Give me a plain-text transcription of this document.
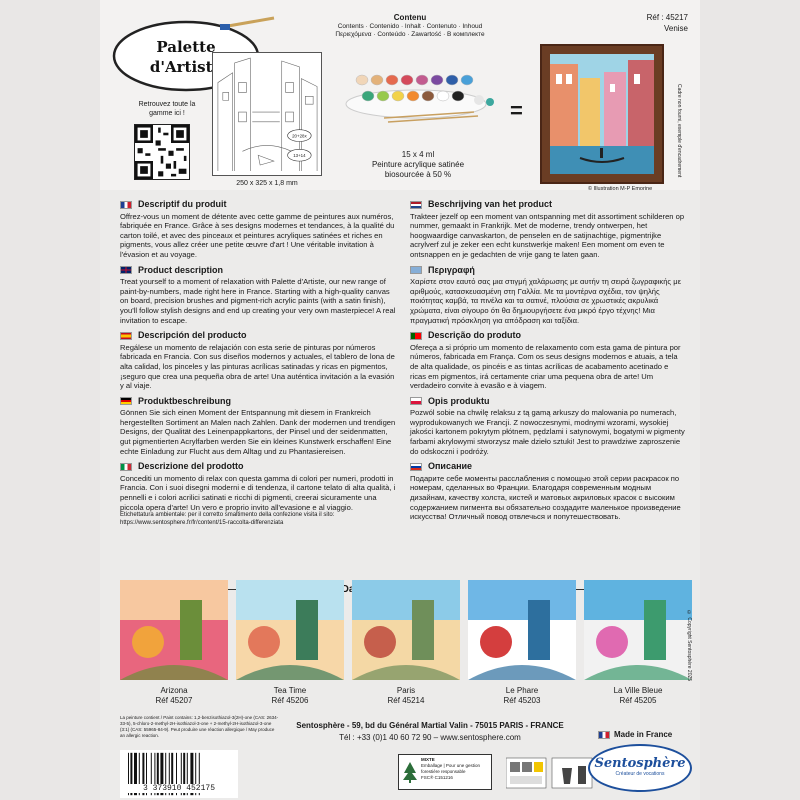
Palette
d'Artiste
Retrouvez toute la gamme ici !
20+28x
13+14
250 x 325 x 1,8 mm
Contenu
Contents · Contenido · Inhalt · Contenuto · Inhoud
Περιεχόμενα · Conteúdo · Zawartość · В комплекте
Réf : 45217
Venise
15 x 4 ml
Peinture acrylique satinée
biosourcée à 50 %
=
© Illustration M-P Emorine
Cadre non fourni, exemple d'encadrement
Descriptif du produit
Offrez-vous un moment de détente avec cette gamme de peintures aux numéros, fabriquée en France. Grâce à ses designs modernes et tendances, à la qualité du carton toilé, et avec des pinceaux et peintures acryliques satinées et riches en pigments, vous allez créer une petite œuvre d'art ! Une véritable invitation à l'évasion et au voyage.
Product description
Treat yourself to a moment of relaxation with Palette d'Artiste, our new range of paint-by-numbers, made right here in France. Starting with a high-quality canvas on board, precision brushes and pigment-rich acrylic paints (with a satin finish), you'll follow stylish designs and end up creating your very own masterpiece! A real invitation to escape.
Descripción del producto
Regálese un momento de relajación con esta serie de pinturas por números fabricada en Francia. Con sus diseños modernos y actuales, el tablero de lona de alta calidad, los pinceles y las pinturas acrílicas satinadas y ricas en pigmentos, ¡seguro que crea una pequeña obra de arte! Una auténtica invitación a la evasión y al viaje.
Produktbeschreibung
Gönnen Sie sich einen Moment der Entspannung mit diesem in Frankreich hergestellten Sortiment an Malen nach Zahlen. Dank der modernen und trendigen Designs, der Qualität des Leinenpappkartons, der Pinsel und der seidenmatten, gut pigmentierten Acrylfarben werden Sie ein kleines Kunstwerk erschaffen! Eine echte Einladung zur Flucht aus dem Alltag und zu Phantasiereisen.
Descrizione del prodotto
Concediti un momento di relax con questa gamma di colori per numeri, prodotti in Francia. Con i suoi disegni moderni e di tendenza, il cartone telato di alta qualità, i pennelli e i colori acrilici satinati e ricchi di pigmenti, creerai sicuramente una piccola opera d'arte! Un vero e proprio invito all'evasione e al viaggio.
Etichettatura ambientale: per il corretto smaltimento della confezione visita il sito: https://www.sentosphere.fr/fr/content/15-raccolta-differenziata
Beschrijving van het product
Trakteer jezelf op een moment van ontspanning met dit assortiment schilderen op nummer, gemaakt in Frankrijk. Met de moderne, trendy ontwerpen, het hoogwaardige canvaskarton, de penselen en de satijnachtige, pigmentrijke acrylverf zul je zeker een echt kunstwerkje maken! Een moment om even te ontsnappen en je gedachten de vrije gang te laten gaan.
Περιγραφή
Χαρίστε στον εαυτό σας μια στιγμή χαλάρωσης με αυτήν τη σειρά ζωγραφικής με αριθμούς, κατασκευασμένη στη Γαλλία. Με τα μοντέρνα σχέδια, τον ψηλής ποιότητας καμβά, τα πινέλα και τα σατινέ, πλούσια σε χρωστικές ακρυλικά χρώματα, είναι σίγουρο ότι θα δημιουργήσετε ένα μικρό έργο τέχνης! Μια πραγματική πρόσκληση για απόδραση και ταξίδια.
Descrição do produto
Ofereça a si próprio um momento de relaxamento com esta gama de pintura por números, fabricada em França. Com os seus designs modernos e atuais, a tela de alta qualidade, os pincéis e as tintas acrílicas de acabamento acetinado e ricas em pigmentos, irá certamente criar uma pequena obra de arte! Um verdadeiro convite à evasão e à viagem.
Opis produktu
Pozwól sobie na chwilę relaksu z tą gamą arkuszy do malowania po numerach, wyprodukowanych we Francji. Z nowoczesnymi, modnymi wzorami, wysokiej jakości kartonem pokrytym płótnem, pędzlami i satynowymi, bogatymi w pigmenty farbami akrylowymi stworzysz małe dzieło sztuki! Jest to prawdziwe zaproszenie do odskoczni i podróży.
Описание
Подарите себе моменты расслабления с помощью этой серии раскрасок по номерам, сделанных во Франции. Благодаря современным модным дизайнам, качеству холста, кистей и матовых акриловых красок с высоким содержанием пигмента вы обязательно создадите маленькое произведение искусства! Отличный повод отвлечься и попутешествовать.
Arizona
Réf 45207
Tea Time
Réf 45206
Paris
Réf 45214
Le Phare
Réf 45203
La Ville Bleue
Réf 45205
© Copyright Sentosphère 2025
La peinture contient / Paint contains: 1,2-benzisothiazol-3(2H)-one (CAS: 2634-33-5), 5-chloro-2-methyl-2H-isothiazol-3-one + 2-methyl-2H-isothiazol-3-one (3:1) (CAS: 55965-84-9). Peut produire une réaction allergique / May produce an allergic reaction.
Sentosphère - 59, bd du Général Martial Valin - 75015 PARIS - FRANCE
Tél : +33 (0)1 40 60 72 90 – www.sentosphere.com
3 373910 452175
MIXTE
Emballage | Pour une gestion
forestière responsable
FSC® C151216
Made in France
Sentosphère
Créateur de vocations
